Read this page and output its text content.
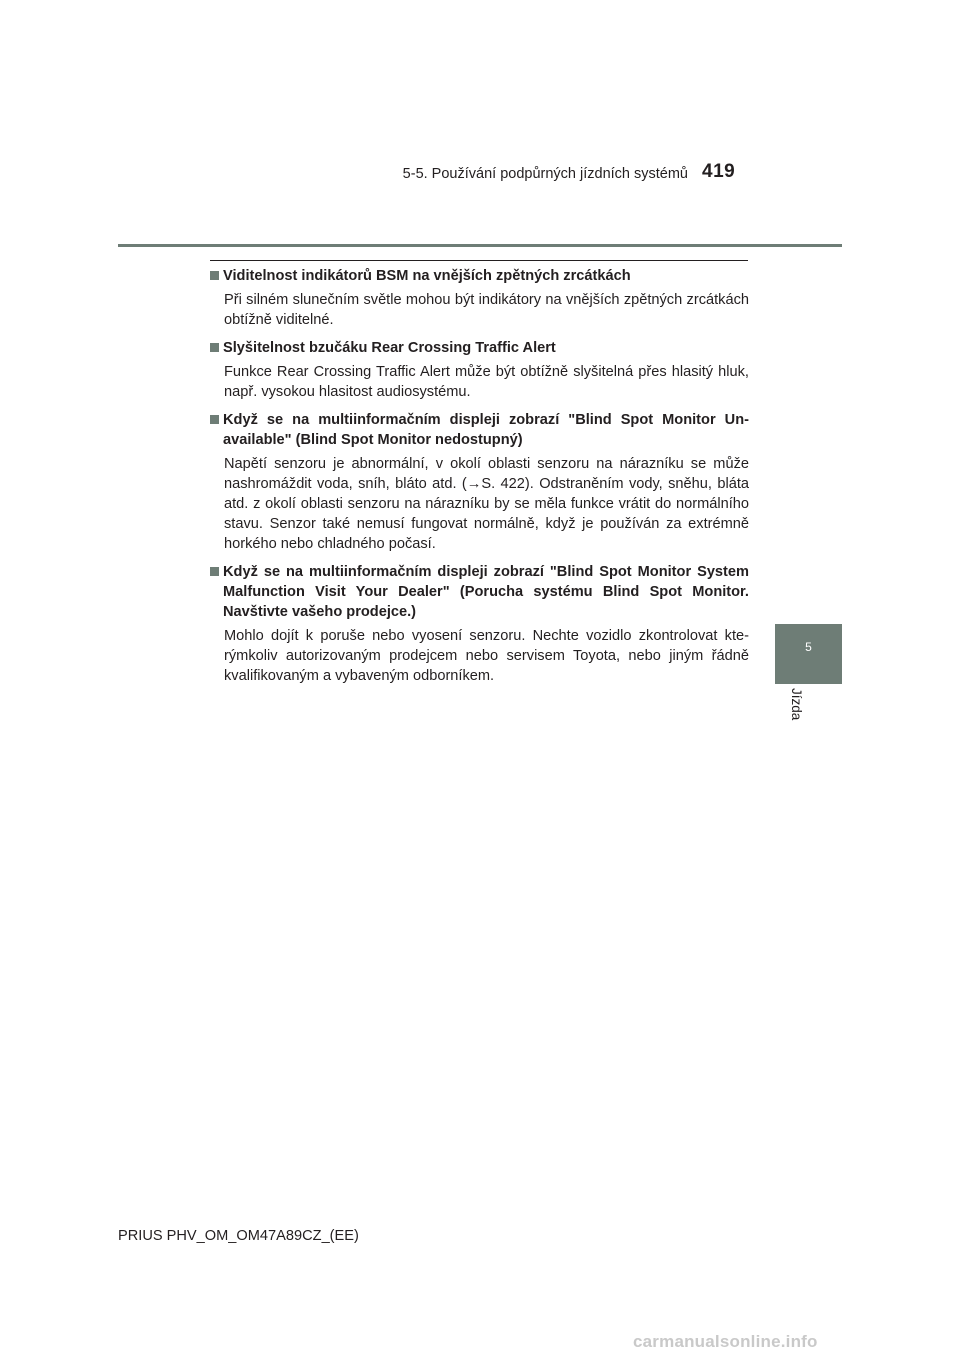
5-5. Používání podpůrných jízdních systémů 419
Viditelnost indikátorů BSM na vnějších zpětných zrcátkách
Při silném slunečním světle mohou být indikátory na vnějších zpětných zrcátkách obtížně viditelné.
Slyšitelnost bzučáku Rear Crossing Traffic Alert
Funkce Rear Crossing Traffic Alert může být obtížně slyšitelná přes hlasitý hluk, např. vysokou hlasitost audiosystému.
Když se na multiinformačním displeji zobrazí "Blind Spot Monitor Unavailable" (Blind Spot Monitor nedostupný)
Napětí senzoru je abnormální, v okolí oblasti senzoru na nárazníku se může nashromáždit voda, sníh, bláto atd. (→S. 422). Odstraněním vody, sněhu, bláta atd. z okolí oblasti senzoru na nárazníku by se měla funkce vrátit do normálního stavu. Senzor také nemusí fungovat normálně, když je používán za extrémně horkého nebo chladného počasí.
Když se na multiinformačním displeji zobrazí "Blind Spot Monitor System Malfunction Visit Your Dealer" (Porucha systému Blind Spot Monitor. Navštivte vašeho prodejce.)
Mohlo dojít k poruše nebo vyosení senzoru. Nechte vozidlo zkontrolovat kterýmkoliv autorizovaným prodejcem nebo servisem Toyota, nebo jiným řádně kvalifikovaným a vybaveným odborníkem.
5
Jízda
PRIUS PHV_OM_OM47A89CZ_(EE)
carmanualsonline.info
